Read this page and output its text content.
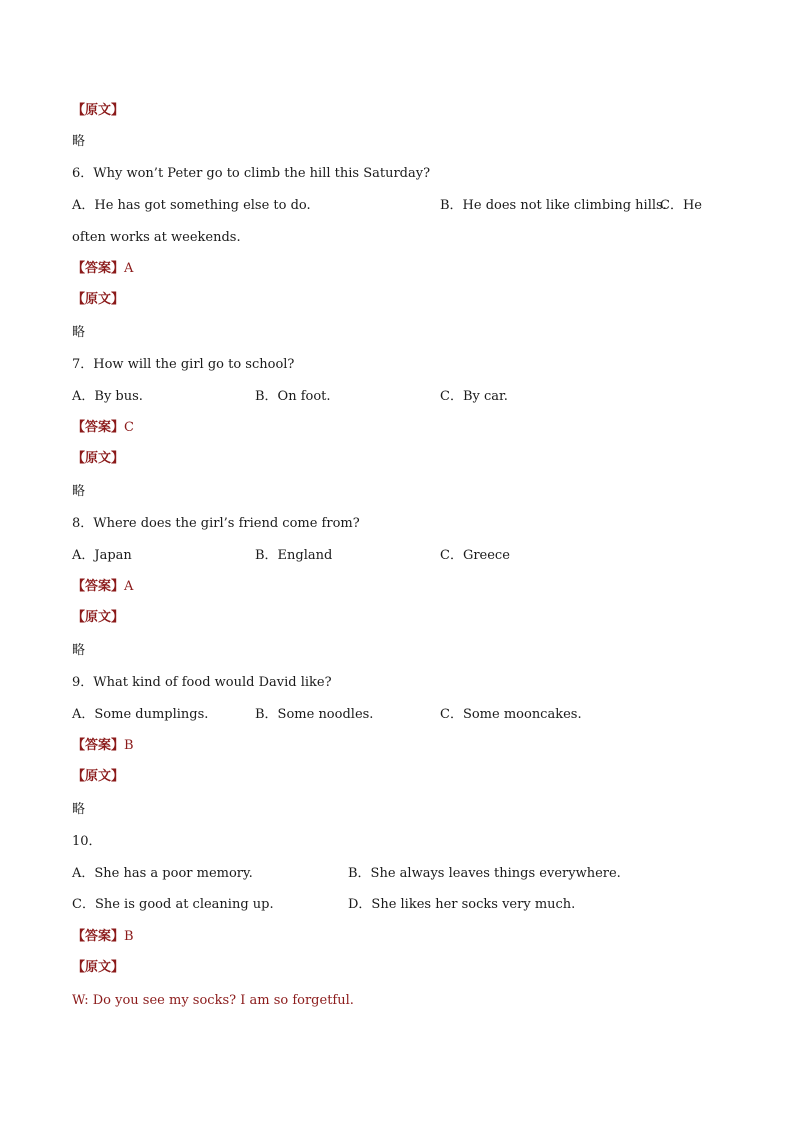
【原文】
略
6．Why won’t Peter go to climb the hill this Saturday?
A．He has got something else to do.	B．He does not like climbing hills.
C．He
often works at weekends.
【答案】A
【原文】
略
7．How will the girl go to school?
A．By bus.	B．On foot.	C．By car.
【答案】C
【原文】
略
8．Where does the girl’s friend come from?
A．Japan	B．England	C．Greece
【答案】A
【原文】
略
9．What kind of food would David like?
A．Some dumplings.	B．Some noodles.	C．Some mooncakes.
【答案】B
【原文】
略
10．
A．She has a poor memory.	B．She always leaves things everywhere.
C．She is good at cleaning up.	D．She likes her socks very much.
【答案】B
【原文】
W: Do you see my socks? I am so forgetful.
